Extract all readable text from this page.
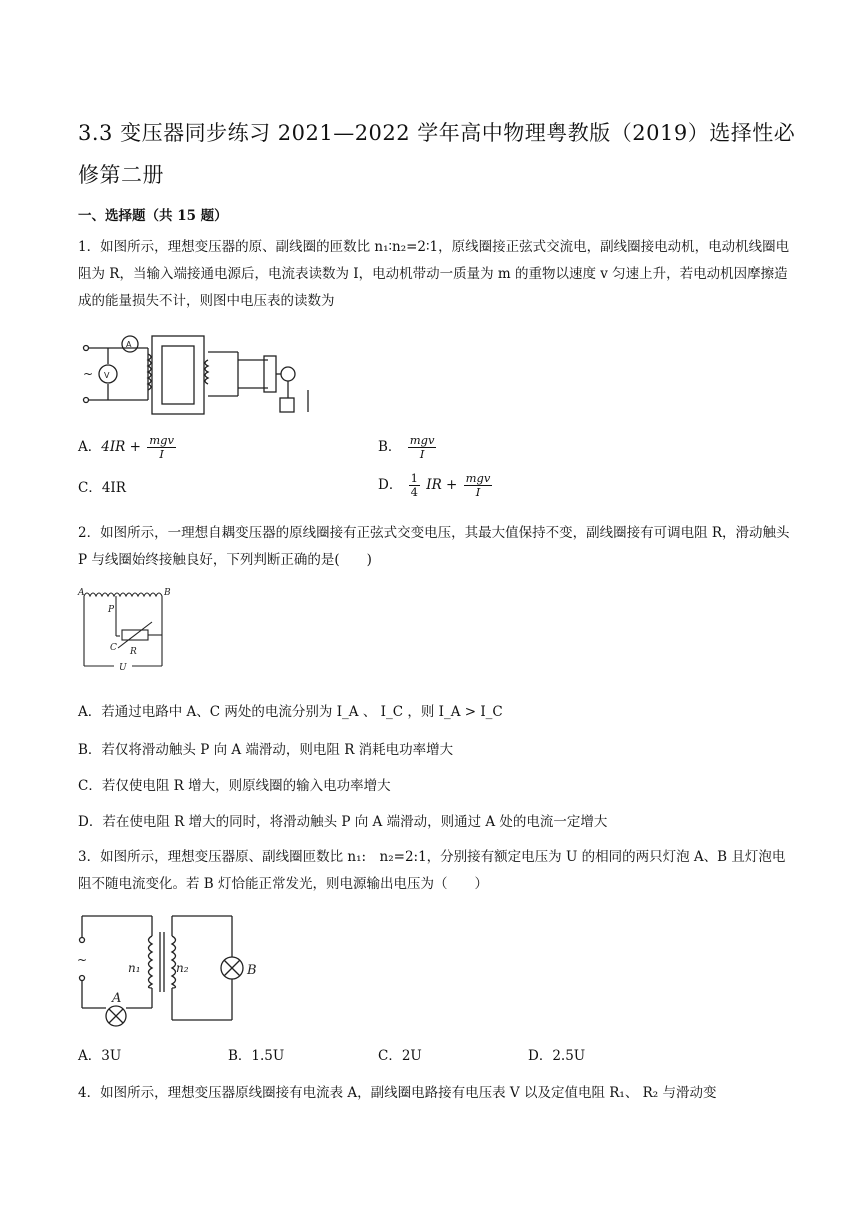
3.3 变压器同步练习 2021—2022 学年高中物理粤教版（2019）选择性必修第二册
一、选择题（共 15 题）
1．如图所示，理想变压器的原、副线圈的匝数比 n₁∶n₂=2∶1，原线圈接正弦式交流电，副线圈接电动机，电动机线圈电阻为 R，当输入端接通电源后，电流表读数为 I，电动机带动一质量为 m 的重物以速度 v 匀速上升，若电动机因摩擦造成的能量损失不计，则图中电压表的读数为
~ V
A
A．$4IR + \frac{\text{mgv}}{I}$	B． $\frac{\text{mgv}}{I}$
C．4IR	D． $\frac{1}{4}$ IR + $\frac{\text{mgv}}{I}$
2．如图所示，一理想自耦变压器的原线圈接有正弦式交变电压，其最大值保持不变，副线圈接有可调电阻 R，滑动触头 P 与线圈始终接触良好，下列判断正确的是(　　)
A	B
P
C R
U
A．若通过电路中 A、C 两处的电流分别为 I_A 、 I_C ，则 I_A > I_C
B．若仅将滑动触头 P 向 A 端滑动，则电阻 R 消耗电功率增大
C．若仅使电阻 R 增大，则原线圈的输入电功率增大
D．若在使电阻 R 增大的同时，将滑动触头 P 向 A 端滑动，则通过 A 处的电流一定增大
3．如图所示，理想变压器原、副线圈匝数比 n₁:　n₂=2:1，分别接有额定电压为 U 的相同的两只灯泡 A、B 且灯泡电阻不随电流变化。若 B 灯恰能正常发光，则电源输出电压为（　　）
~
n₁	n₂
A
B
A．3U	B．1.5U	C．2U	D．2.5U
4．如图所示，理想变压器原线圈接有电流表 A，副线圈电路接有电压表 V 以及定值电阻 R₁、 R₂ 与滑动变
